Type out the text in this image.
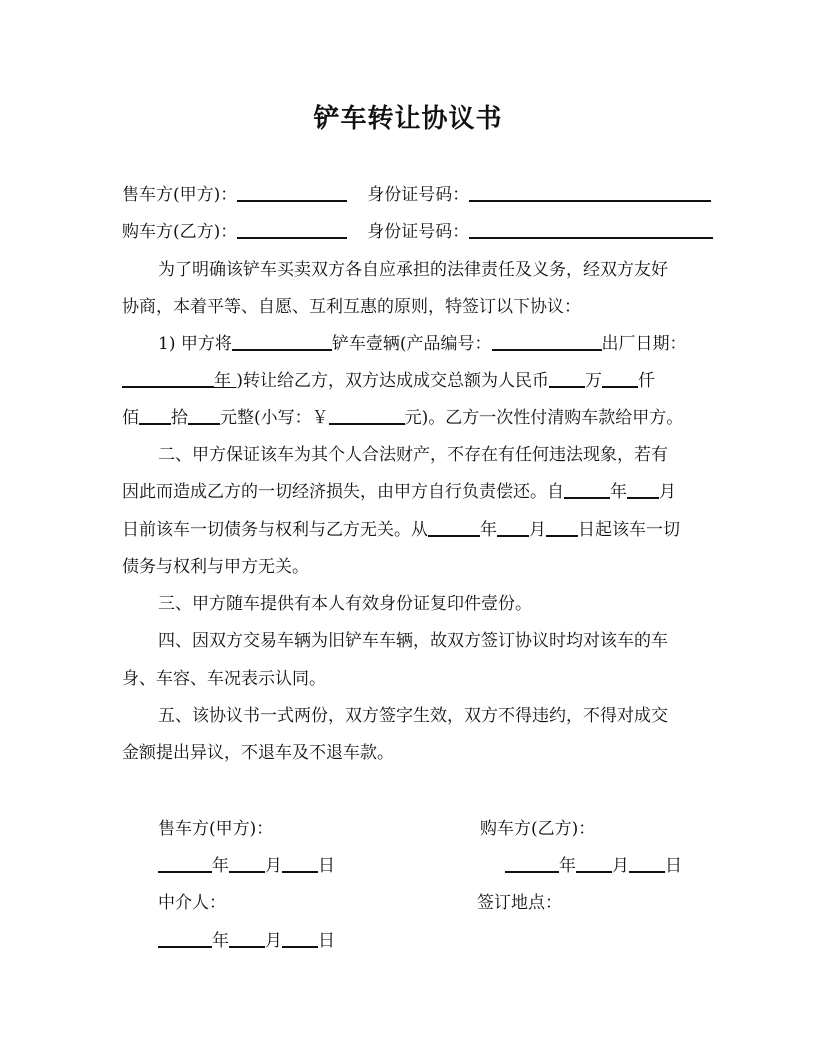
铲车转让协议书
售车方(甲方)：	身份证号码：
购车方(乙方)：	身份证号码：
为了明确该铲车买卖双方各自应承担的法律责任及义务，经双方友好
协商，本着平等、自愿、互利互惠的原则，特签订以下协议：
1) 甲方将	铲车壹辆(产品编号：	出厂日期：
年 )转让给乙方，双方达成成交总额为人民币 万 仟
佰 拾 元整(小写：￥	元)。乙方一次性付清购车款给甲方。
二、甲方保证该车为其个人合法财产，不存在有任何违法现象，若有
因此而造成乙方的一切经济损失，由甲方自行负责偿还。自	年 月
日前该车一切债务与权利与乙方无关。从	年 月 日起该车一切
债务与权利与甲方无关。
三、甲方随车提供有本人有效身份证复印件壹份。
四、因双方交易车辆为旧铲车车辆，故双方签订协议时均对该车的车
身、车容、车况表示认同。
五、该协议书一式两份，双方签字生效，双方不得违约，不得对成交
金额提出异议，不退车及不退车款。
售车方(甲方)：	购车方(乙方)：
年 月 日	年 月 日
中介人：	签订地点：
年 月 日
